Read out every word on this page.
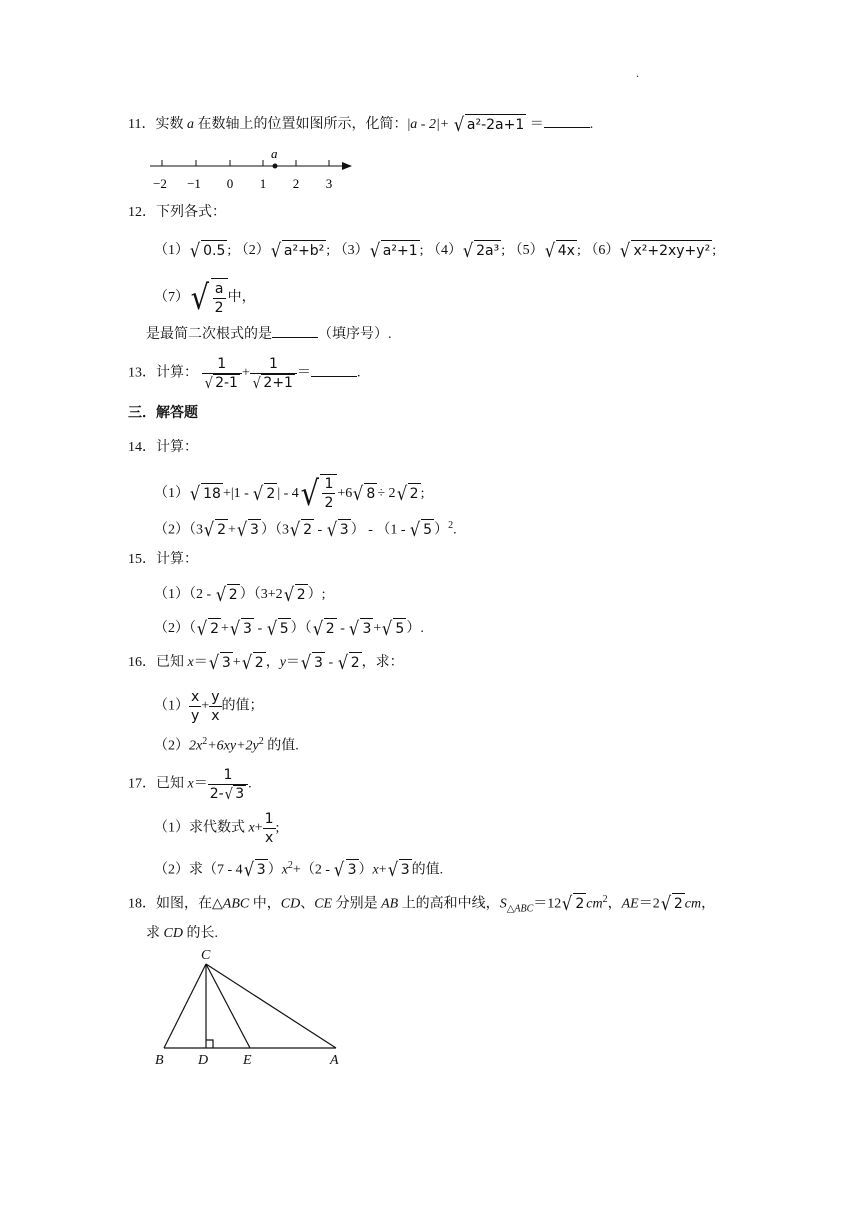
.
11．实数 a 在数轴上的位置如图所示，化简：|a - 2|+ √ a²-2a+1 ＝	.
a
−2 −1 0 1 2 3
12．下列各式：
（1） √ 0.5 ; （2） √ a²+b² ; （3） √ a²+1 ; （4） √ 2a³ ; （5） √ 4x ; （6） √ x²+2xy+y² ;
（7） √ $\frac{a}{2}$ 中，
是最简二次根式的是	（填序号）.
13．计算： $\frac{1}{√ 2-1} + \frac{1}{√ 2+1}$ ＝	.
三．解答题
14．计算：
（1） √ 18 +|1 - √ 2 | - 4 √ $\frac{1}{2} +6$ √ 8 ÷ 2 √ 2 ;
（2）（3 √ 2 + √ 3 ）（3 √ 2 - √ 3 ） - （1 - √ 5 ）$^2$.
15．计算：
（1）（2 - √ 2 ）（3+2 √ 2 ）;
（2）（ √ 2 + √ 3 - √ 5 ）（ √ 2 - √ 3 + √ 5 ）.
16．已知 x＝ √ 3 + √ 2 ，y＝ √ 3 - √ 2 ，求：
$(1) \frac{x}{y} + \frac{y}{x}$ 的值；
$(2)2x^2+6xy+2y^2$ 的值.
17．已知 $x= \frac{1}{2- √ 3}$ .
（1）求代数式 $x+ \frac{1}{x}$ ;
（2）求（7 - 4 √ 3 ）$x^2+(2$ - √ 3 ）x+ √ 3 的值.
18．如图，在△ABC 中，CD、CE 分别是 AB 上的高和中线，$S_{\triangle ABC}=12$ √ 2 $cm^2$，AE＝2 √ 2 cm，
求 CD 的长.
C
B D E	A
